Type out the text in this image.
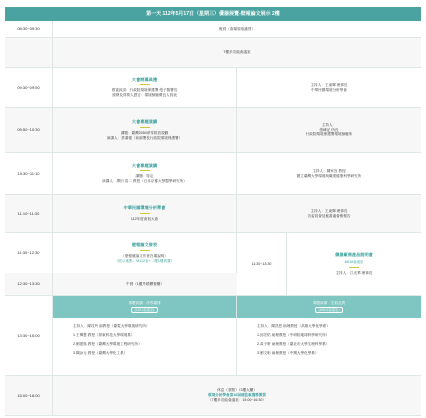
第一天 112年5月17日（星期三）優器展覽-壁報論文展示 2樓
08:30~09:30	報到（會場領取識別）
7樓多功能會議室
09:30~09:50
大會開幕典禮
貴賓致詞：行政院環境保護署 張子敬署長
頒發及得獎人感言：環境檢驗優良人員表
主持人：王東輝 理事長
中華民國環境分析學會
09:50~10:30
大會專題演講
講題：臺灣2050淨零排放規劃
演講人：蔡鴻德（前副署長行政院環境保護署）
主持人：
張峰記 所長
行政院環境保護署環境檢驗所
10:30~11:10
大會專題演講
講題：待定
演講人：澤田 浩二 教授（日本京都大學醫學研究所）
主持人：陳家宜 教授
國立臺灣大學環境與職業健康科學研究所
11:10~11:30
中華民國環境分析學會
112年度會員大會
主持人：王東輝 理事長
各委員會及秘書處會報報告
11:30~12:30
壁報論文發表
（壁報號論文作者在場說明）
（展示地點：M112室+二樓1樓展覽）
11:30~13:30
儀器廠商產品說明會
M518會議室
主持人：江光華 理事長
12:30~13:30	午餐（1樓外精饌餐廳）
13:30~15:00
專題演講：淨零碳排
(1101會議室)
主持人：陳玟玲 副教授（臺電大學環境研究所）
1.王傳慧 教授（屏東科技大學環境系）
2.劉建孫 教授（臺灣大學環境工程研究所）
3.陳詠元 教授（臺灣大學化工系）
專題演講：空氣品質
(M503會議室)
主持人：陳昌恕 助理教授（高雄大學化學系）
1.邱宏佑 助理教授（中研院地球科學研究所）
2.黃子軒 助理教授（臺北市大學生理科學系）
3.劉文彰 助理教授（中興大學化學系）
15:00~18:00
休息（茶點）（3樓大廳）
環境分析學會第16屆理監事選舉開票
（7樓多功能會議室：15:00~16:30）
